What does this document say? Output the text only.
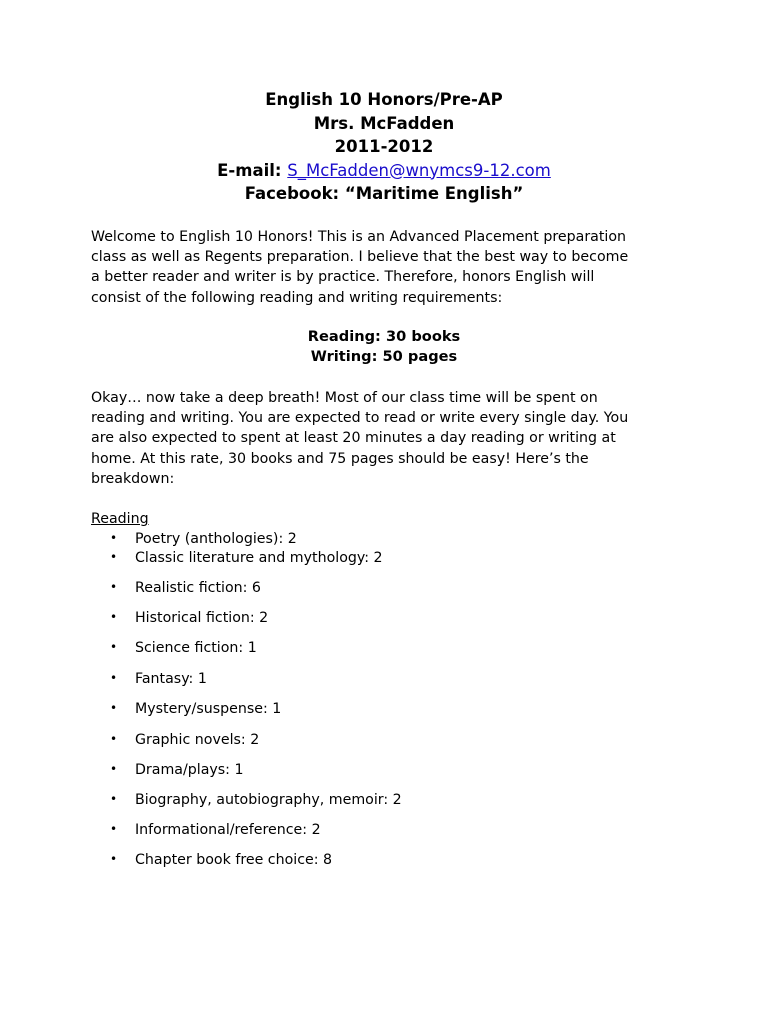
English 10 Honors/Pre-AP
Mrs. McFadden
2011-2012
E-mail: S_McFadden@wnymcs9-12.com
Facebook: “Maritime English”
Welcome to English 10 Honors! This is an Advanced Placement preparation
class as well as Regents preparation. I believe that the best way to become
a better reader and writer is by practice. Therefore, honors English will
consist of the following reading and writing requirements:
Reading: 30 books
Writing: 50 pages
Okay… now take a deep breath! Most of our class time will be spent on
reading and writing. You are expected to read or write every single day. You
are also expected to spent at least 20 minutes a day reading or writing at
home. At this rate, 30 books and 75 pages should be easy! Here’s the
breakdown:
Reading
• Poetry (anthologies): 2
• Classic literature and mythology: 2
• Realistic fiction: 6
• Historical fiction: 2
• Science fiction: 1
• Fantasy: 1
• Mystery/suspense: 1
• Graphic novels: 2
• Drama/plays: 1
• Biography, autobiography, memoir: 2
• Informational/reference: 2
• Chapter book free choice: 8
